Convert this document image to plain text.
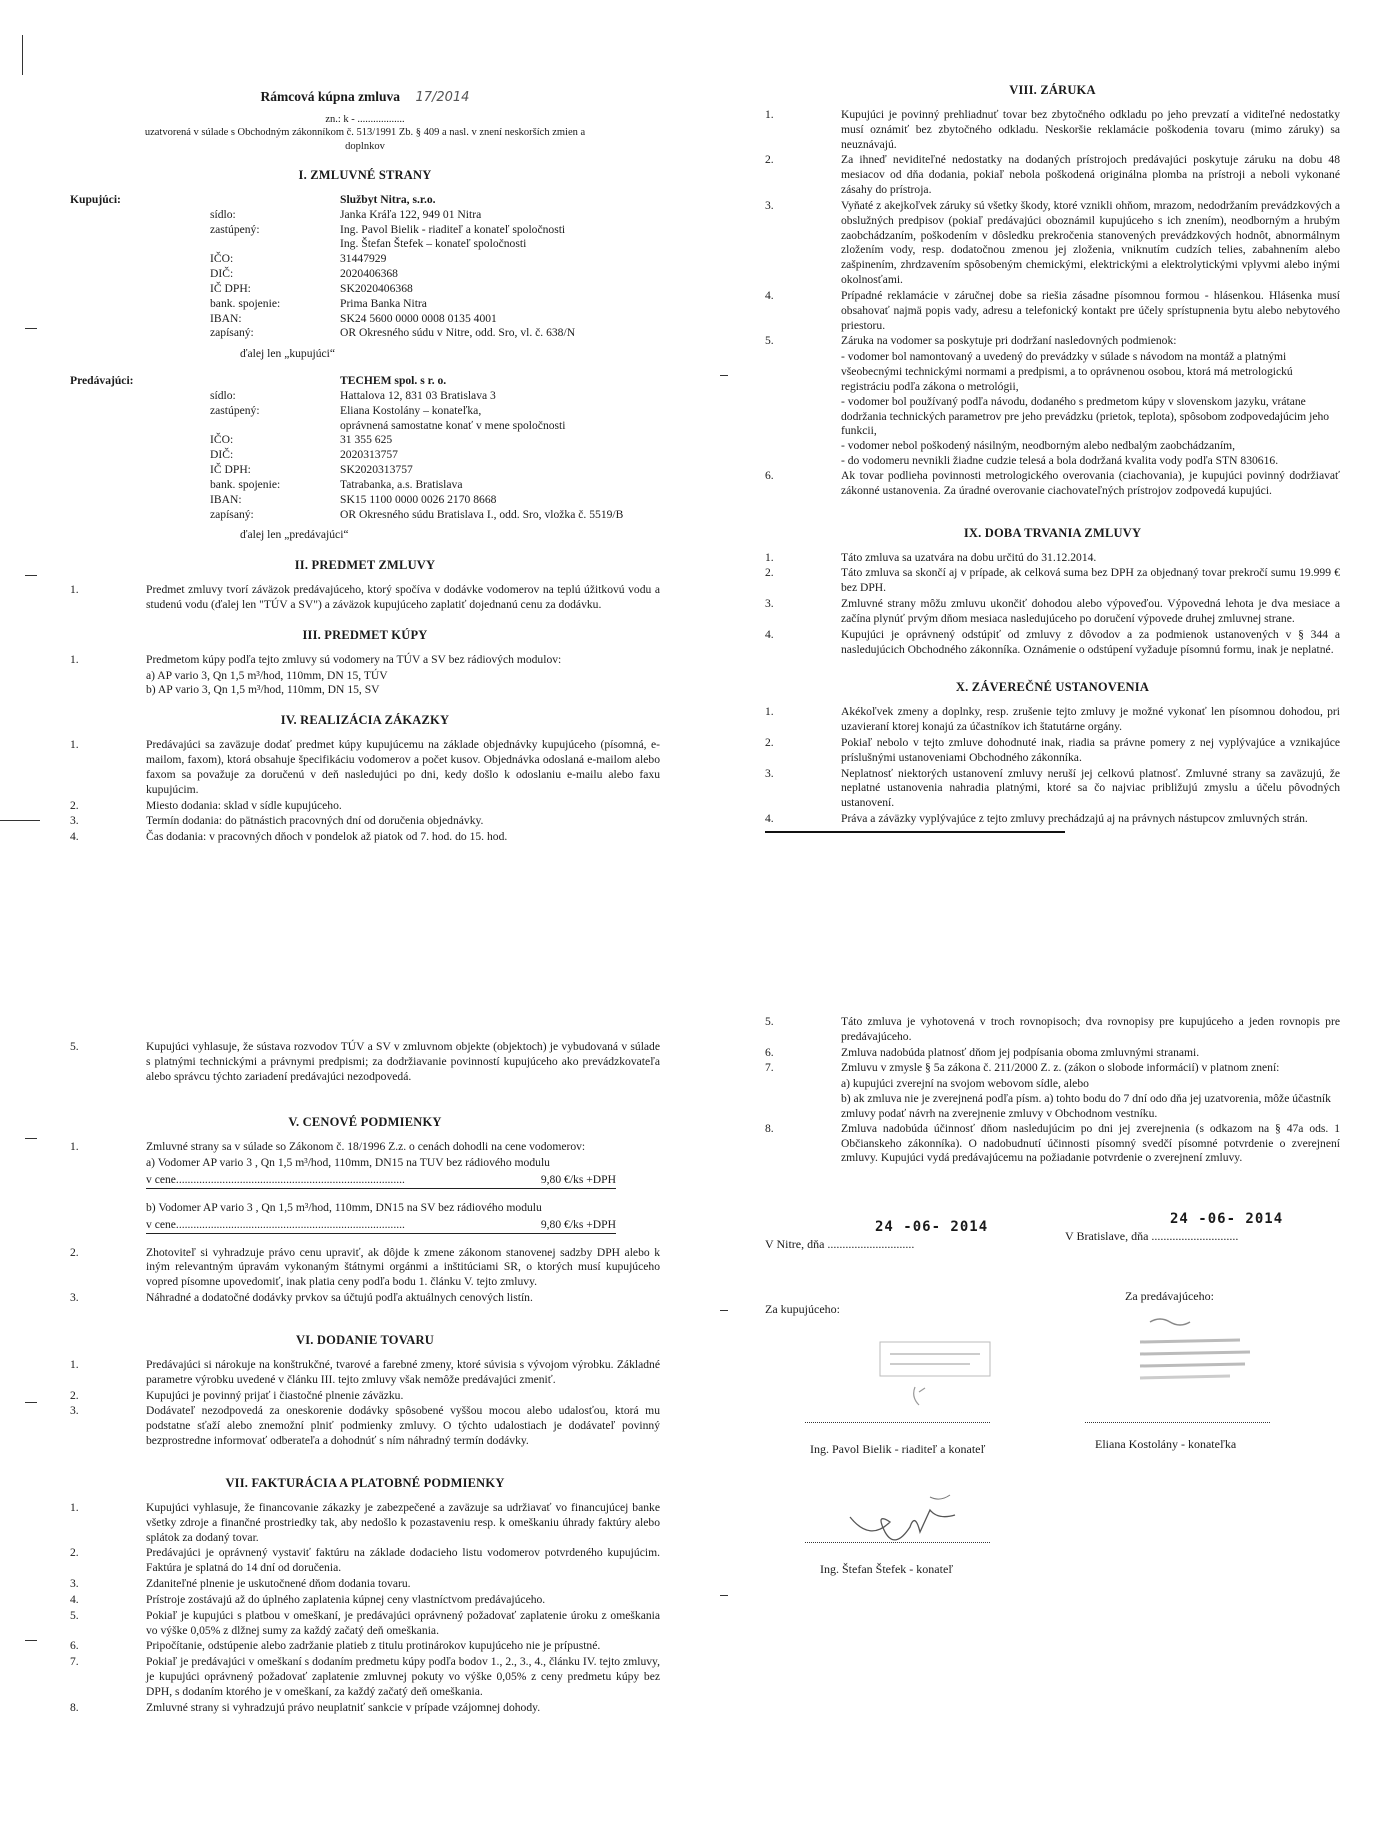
Rámcová kúpna zmluva 17/2014
zn.: k - ..................
uzatvorená v súlade s Obchodným zákonníkom č. 513/1991 Zb. § 409 a nasl. v znení neskorších zmien a doplnkov
I. ZMLUVNÉ STRANY
Kupujúci:	Službyt Nitra, s.r.o.
sídlo:	Janka Kráľa 122, 949 01 Nitra
zastúpený:	Ing. Pavol Bielik - riaditeľ a konateľ spoločnosti
Ing. Štefan Štefek – konateľ spoločnosti
IČO:	31447929
DIČ:	2020406368
IČ DPH:	SK2020406368
bank. spojenie:	Prima Banka Nitra
IBAN:	SK24 5600 0000 0008 0135 4001
zapísaný:	OR Okresného súdu v Nitre, odd. Sro, vl. č. 638/N
ďalej len „kupujúci“
Predávajúci:	TECHEM spol. s r. o.
sídlo:	Hattalova 12, 831 03 Bratislava 3
zastúpený:	Eliana Kostolány – konateľka,
oprávnená samostatne konať v mene spoločnosti
IČO:	31 355 625
DIČ:	2020313757
IČ DPH:	SK2020313757
bank. spojenie:	Tatrabanka, a.s. Bratislava
IBAN:	SK15 1100 0000 0026 2170 8668
zapísaný:	OR Okresného súdu Bratislava I., odd. Sro, vložka č. 5519/B
ďalej len „predávajúci“
II. PREDMET ZMLUVY
1.	Predmet zmluvy tvorí záväzok predávajúceho, ktorý spočíva v dodávke vodomerov na teplú úžitkovú vodu a studenú vodu (ďalej len "TÚV a SV") a záväzok kupujúceho zaplatiť dojednanú cenu za dodávku.
III. PREDMET KÚPY
1.	Predmetom kúpy podľa tejto zmluvy sú vodomery na TÚV a SV bez rádiových modulov:
a) AP vario 3, Qn 1,5 m³/hod, 110mm, DN 15, TÚV
b) AP vario 3, Qn 1,5 m³/hod, 110mm, DN 15, SV
IV. REALIZÁCIA ZÁKAZKY
1.	Predávajúci sa zaväzuje dodať predmet kúpy kupujúcemu na základe objednávky kupujúceho (písomná, e-mailom, faxom), ktorá obsahuje špecifikáciu vodomerov a počet kusov. Objednávka odoslaná e-mailom alebo faxom sa považuje za doručenú v deň nasledujúci po dni, kedy došlo k odoslaniu e-mailu alebo faxu kupujúcim.
2.	Miesto dodania: sklad v sídle kupujúceho.
3.	Termín dodania: do pätnástich pracovných dní od doručenia objednávky.
4.	Čas dodania: v pracovných dňoch v pondelok až piatok od 7. hod. do 15. hod.
VIII. ZÁRUKA
1.	Kupujúci je povinný prehliadnuť tovar bez zbytočného odkladu po jeho prevzatí a viditeľné nedostatky musí oznámiť bez zbytočného odkladu. Neskoršie reklamácie poškodenia tovaru (mimo záruky) sa neuznávajú.
2.	Za ihneď neviditeľné nedostatky na dodaných prístrojoch predávajúci poskytuje záruku na dobu 48 mesiacov od dňa dodania, pokiaľ nebola poškodená originálna plomba na prístroji a neboli vykonané zásahy do prístroja.
3.	Vyňaté z akejkoľvek záruky sú všetky škody, ktoré vznikli ohňom, mrazom, nedodržaním prevádzkových a obslužných predpisov (pokiaľ predávajúci oboznámil kupujúceho s ich znením), neodborným a hrubým zaobchádzaním, poškodením v dôsledku prekročenia stanovených prevádzkových hodnôt, abnormálnym zložením vody, resp. dodatočnou zmenou jej zloženia, vniknutím cudzích telies, zabahnením alebo zašpinením, zhrdzavením spôsobeným chemickými, elektrickými a elektrolytickými vplyvmi alebo inými okolnosťami.
4.	Prípadné reklamácie v záručnej dobe sa riešia zásadne písomnou formou - hlásenkou. Hlásenka musí obsahovať najmä popis vady, adresu a telefonický kontakt pre účely sprístupnenia bytu alebo nebytového priestoru.
5.	Záruka na vodomer sa poskytuje pri dodržaní nasledovných podmienok:
- vodomer bol namontovaný a uvedený do prevádzky v súlade s návodom na montáž a platnými všeobecnými technickými normami a predpismi, a to oprávnenou osobou, ktorá má metrologickú registráciu podľa zákona o metrológii,
- vodomer bol používaný podľa návodu, dodaného s predmetom kúpy v slovenskom jazyku, vrátane dodržania technických parametrov pre jeho prevádzku (prietok, teplota), spôsobom zodpovedajúcim jeho funkcii,
- vodomer nebol poškodený násilným, neodborným alebo nedbalým zaobchádzaním,
- do vodomeru nevnikli žiadne cudzie telesá a bola dodržaná kvalita vody podľa STN 830616.
6.	Ak tovar podlieha povinnosti metrologického overovania (ciachovania), je kupujúci povinný dodržiavať zákonné ustanovenia. Za úradné overovanie ciachovateľných prístrojov zodpovedá kupujúci.
IX. DOBA TRVANIA ZMLUVY
1.	Táto zmluva sa uzatvára na dobu určitú do 31.12.2014.
2.	Táto zmluva sa skončí aj v prípade, ak celková suma bez DPH za objednaný tovar prekročí sumu 19.999 € bez DPH.
3.	Zmluvné strany môžu zmluvu ukončiť dohodou alebo výpoveďou. Výpovedná lehota je dva mesiace a začína plynúť prvým dňom mesiaca nasledujúceho po doručení výpovede druhej zmluvnej strane.
4.	Kupujúci je oprávnený odstúpiť od zmluvy z dôvodov a za podmienok ustanovených v § 344 a nasledujúcich Obchodného zákonníka. Oznámenie o odstúpení vyžaduje písomnú formu, inak je neplatné.
X. ZÁVEREČNÉ USTANOVENIA
1.	Akékoľvek zmeny a doplnky, resp. zrušenie tejto zmluvy je možné vykonať len písomnou dohodou, pri uzavieraní ktorej konajú za účastníkov ich štatutárne orgány.
2.	Pokiaľ nebolo v tejto zmluve dohodnuté inak, riadia sa právne pomery z nej vyplývajúce a vznikajúce príslušnými ustanoveniami Obchodného zákonníka.
3.	Neplatnosť niektorých ustanovení zmluvy neruší jej celkovú platnosť. Zmluvné strany sa zaväzujú, že neplatné ustanovenia nahradia platnými, ktoré sa čo najviac približujú zmyslu a účelu pôvodných ustanovení.
4.	Práva a záväzky vyplývajúce z tejto zmluvy prechádzajú aj na právnych nástupcov zmluvných strán.
5.	Kupujúci vyhlasuje, že sústava rozvodov TÚV a SV v zmluvnom objekte (objektoch) je vybudovaná v súlade s platnými technickými a právnymi predpismi; za dodržiavanie povinností kupujúceho ako prevádzkovateľa alebo správcu týchto zariadení predávajúci nezodpovedá.
V. CENOVÉ PODMIENKY
1.	Zmluvné strany sa v súlade so Zákonom č. 18/1996 Z.z. o cenách dohodli na cene vodomerov:
a) Vodomer AP vario 3 , Qn 1,5 m³/hod, 110mm, DN15 na TUV bez rádiového modulu
v cene...............................................................................	9,80 €/ks +DPH
b) Vodomer AP vario 3 , Qn 1,5 m³/hod, 110mm, DN15 na SV bez rádiového modulu
v cene...............................................................................	9,80 €/ks +DPH
2.	Zhotoviteľ si vyhradzuje právo cenu upraviť, ak dôjde k zmene zákonom stanovenej sadzby DPH alebo k iným relevantným úpravám vykonaným štátnymi orgánmi a inštitúciami SR, o ktorých musí kupujúceho vopred písomne upovedomiť, inak platia ceny podľa bodu 1. článku V. tejto zmluvy.
3.	Náhradné a dodatočné dodávky prvkov sa účtujú podľa aktuálnych cenových listín.
VI. DODANIE TOVARU
1.	Predávajúci si nárokuje na konštrukčné, tvarové a farebné zmeny, ktoré súvisia s vývojom výrobku. Základné parametre výrobku uvedené v článku III. tejto zmluvy však nemôže predávajúci zmeniť.
2.	Kupujúci je povinný prijať i čiastočné plnenie záväzku.
3.	Dodávateľ nezodpovedá za oneskorenie dodávky spôsobené vyššou mocou alebo udalosťou, ktorá mu podstatne sťaží alebo znemožní plniť podmienky zmluvy. O týchto udalostiach je dodávateľ povinný bezprostredne informovať odberateľa a dohodnúť s ním náhradný termín dodávky.
VII. FAKTURÁCIA A PLATOBNÉ PODMIENKY
1.	Kupujúci vyhlasuje, že financovanie zákazky je zabezpečené a zaväzuje sa udržiavať vo financujúcej banke všetky zdroje a finančné prostriedky tak, aby nedošlo k pozastaveniu resp. k omeškaniu úhrady faktúry alebo splátok za dodaný tovar.
2.	Predávajúci je oprávnený vystaviť faktúru na základe dodacieho listu vodomerov potvrdeného kupujúcim. Faktúra je splatná do 14 dní od doručenia.
3.	Zdaniteľné plnenie je uskutočnené dňom dodania tovaru.
4.	Prístroje zostávajú až do úplného zaplatenia kúpnej ceny vlastníctvom predávajúceho.
5.	Pokiaľ je kupujúci s platbou v omeškaní, je predávajúci oprávnený požadovať zaplatenie úroku z omeškania vo výške 0,05% z dlžnej sumy za každý začatý deň omeškania.
6.	Pripočítanie, odstúpenie alebo zadržanie platieb z titulu protinárokov kupujúceho nie je prípustné.
7.	Pokiaľ je predávajúci v omeškaní s dodaním predmetu kúpy podľa bodov 1., 2., 3., 4., článku IV. tejto zmluvy, je kupujúci oprávnený požadovať zaplatenie zmluvnej pokuty vo výške 0,05% z ceny predmetu kúpy bez DPH, s dodaním ktorého je v omeškaní, za každý začatý deň omeškania.
8.	Zmluvné strany si vyhradzujú právo neuplatniť sankcie v prípade vzájomnej dohody.
5.	Táto zmluva je vyhotovená v troch rovnopisoch; dva rovnopisy pre kupujúceho a jeden rovnopis pre predávajúceho.
6.	Zmluva nadobúda platnosť dňom jej podpísania oboma zmluvnými stranami.
7.	Zmluvu v zmysle § 5a zákona č. 211/2000 Z. z. (zákon o slobode informácií) v platnom znení:
a) kupujúci zverejní na svojom webovom sídle, alebo
b) ak zmluva nie je zverejnená podľa písm. a) tohto bodu do 7 dní odo dňa jej uzatvorenia, môže účastník zmluvy podať návrh na zverejnenie zmluvy v Obchodnom vestníku.
8.	Zmluva nadobúda účinnosť dňom nasledujúcim po dni jej zverejnenia (s odkazom na § 47a ods. 1 Občianskeho zákonníka). O nadobudnutí účinnosti písomný svedčí písomné potvrdenie o zverejnení zmluvy. Kupujúci vydá predávajúcemu na požiadanie potvrdenie o zverejnení zmluvy.
24 -06- 2014
V Nitre, dňa .............................
24 -06- 2014
V Bratislave, dňa .............................
Za kupujúceho:
Za predávajúceho:
Ing. Pavol Bielik - riaditeľ a konateľ	Eliana Kostolány - konateľka
Ing. Štefan Štefek - konateľ
